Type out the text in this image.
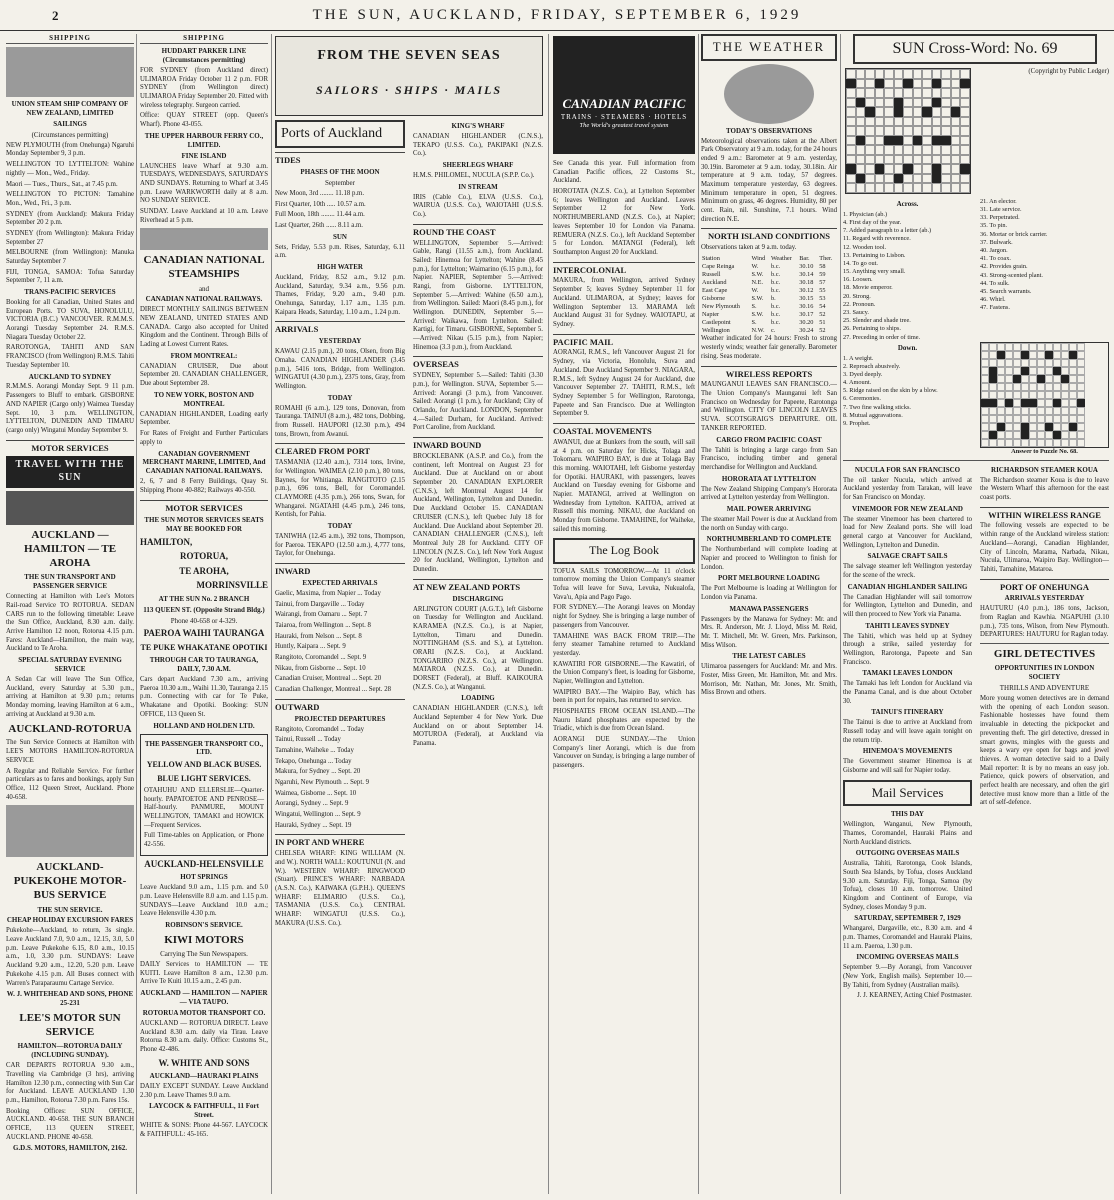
2	THE SUN, AUCKLAND, FRIDAY, SEPTEMBER 6, 1929
SHIPPING
UNION STEAM SHIP COMPANY OF NEW ZEALAND, LIMITED
SAILINGS
(Circumstances permitting)
NEW PLYMOUTH (from Onehunga) Ngaruhi Monday September 9, 3 p.m.
WELLINGTON TO LYTTELTON: Wahine nightly — Mon., Wed., Friday.
Maori — Tues., Thurs., Sat., at 7.45 p.m.
WELLINGTON TO PICTON: Tamahine Mon., Wed., Fri., 3 p.m.
SYDNEY (from Auckland): Makura Friday September 20 2 p.m.
SYDNEY (from Wellington): Makura Friday September 27
MELBOURNE (from Wellington): Manuka Saturday September 7
FIJI, TONGA, SAMOA: Tofua Saturday September 7, 11 a.m.
TRANS-PACIFIC SERVICES
Booking for all Canadian, United States and European Ports. TO SUVA, HONOLULU, VICTORIA (B.C.) VANCOUVER. R.M.M.S. Aorangi Tuesday September 24. R.M.S. Niagara Tuesday October 22.
RAROTONGA, TAHITI AND SAN FRANCISCO (from Wellington) R.M.S. Tahiti Tuesday September 10.
AUCKLAND TO SYDNEY
R.M.M.S. Aorangi Monday Sept. 9 11 p.m. Passengers to Bluff to embark. GISBORNE AND NAPIER (Cargo only) Waimea Tuesday Sept. 10, 3 p.m. WELLINGTON, LYTTELTON, DUNEDIN AND TIMARU (cargo only) Wingatui Monday September 9.
MOTOR SERVICES
TRAVEL WITH THE SUN
AUCKLAND — HAMILTON — TE AROHA
THE SUN TRANSPORT AND PASSENGER SERVICE
Connecting at Hamilton with Lee's Motors Rail-road Service TO ROTORUA. SEDAN CARS run to the following timetable: Leave the Sun Office, Auckland, 8.30 a.m. daily. Arrive Hamilton 12 noon, Rotorua 4.15 p.m. Fares: Auckland—Hamilton, the main way, Auckland to Te Aroha.
SPECIAL SATURDAY EVENING SERVICE
A Sedan Car will leave The Sun Office, Auckland, every Saturday at 5.30 p.m., arriving at Hamilton at 9.30 p.m.; returns Monday morning, leaving Hamilton at 6 a.m., arriving at Auckland at 9.30 a.m.
AUCKLAND-ROTORUA
The Sun Service Connects at Hamilton with LEE'S MOTORS HAMILTON-ROTORUA SERVICE
A Regular and Reliable Service. For further particulars as to fares and bookings, apply Sun Office, 112 Queen Street, Auckland. Phone 40-658.
AUCKLAND-PUKEKOHE MOTOR-BUS SERVICE
THE SUN SERVICE.
CHEAP HOLIDAY EXCURSION FARES
Pukekohe—Auckland, to return, 3s single. Leave Auckland 7.0, 9.0 a.m., 12.15, 3.0, 5.0 p.m. Leave Pukekohe 6.15, 8.0 a.m., 10.15 a.m., 1.0, 3.30 p.m. SUNDAYS: Leave Auckland 9.20 a.m., 12.20, 5.20 p.m. Leave Pukekohe 4.15 p.m. All Buses connect with Warren's Paraparaumu Cartage Service.
W. J. WHITEHEAD AND SONS, PHONE 25-231
LEE'S MOTOR SUN SERVICE
HAMILTON—ROTORUA DAILY (INCLUDING SUNDAY).
CAR DEPARTS ROTORUA 9.30 a.m., Travelling via Cambridge (3 hrs), arriving Hamilton 12.30 p.m., connecting with Sun Car for Auckland. LEAVE AUCKLAND 1.30 p.m., Hamilton, Rotorua 7.30 p.m. Fares 15s.
Booking Offices: SUN OFFICE, AUCKLAND. 40-658. THE SUN BRANCH OFFICE, 113 QUEEN STREET, AUCKLAND. PHONE 40-658.
G.D.S. MOTORS, HAMILTON, 2162.
SHIPPING
HUDDART PARKER LINE (Circumstances permitting)
FOR SYDNEY (from Auckland direct) ULIMAROA Friday October 11 2 p.m. FOR SYDNEY (from Wellington direct) ULIMAROA Friday September 20. Fitted with wireless telegraphy. Surgeon carried.
Office: QUAY STREET (opp. Queen's Wharf). Phone 43-055.
THE UPPER HARBOUR FERRY CO., LIMITED.
FINE ISLAND
LAUNCHES leave Wharf at 9.30 a.m. TUESDAYS, WEDNESDAYS, SATURDAYS AND SUNDAYS. Returning to Wharf at 3.45 p.m. Leave WARKWORTH daily at 8 a.m. NO SUNDAY SERVICE.
SUNDAY. Leave Auckland at 10 a.m. Leave Riverhead at 5 p.m.
CANADIAN NATIONAL STEAMSHIPS
and
CANADIAN NATIONAL RAILWAYS.
DIRECT MONTHLY SAILINGS BETWEEN NEW ZEALAND, UNITED STATES AND CANADA. Cargo also accepted for United Kingdom and the Continent. Through Bills of Lading at Lowest Current Rates.
FROM MONTREAL:
CANADIAN CRUISER, Due about September 20. CANADIAN CHALLENGER, Due about September 28.
TO NEW YORK, BOSTON AND MONTREAL
CANADIAN HIGHLANDER, Loading early September.
For Rates of Freight and Further Particulars apply to
CANADIAN GOVERNMENT MERCHANT MARINE, LIMITED, And CANADIAN NATIONAL RAILWAYS.
2, 6, 7 and 8 Ferry Buildings, Quay St. Shipping Phone 40-882; Railways 40-550.
MOTOR SERVICES
THE SUN MOTOR SERVICES SEATS MAY BE BOOKED FOR
HAMILTON,
ROTORUA,
TE AROHA,
MORRINSVILLE
AT THE SUN No. 2 BRANCH
113 QUEEN ST. (Opposite Strand Bldg.)
Phone 40-658 or 4-329.
PAEROA WAIHI TAURANGA
TE PUKE WHAKATANE OPOTIKI
THROUGH CAR TO TAURANGA, DAILY, 7.30 A.M.
Cars depart Auckland 7.30 a.m., arriving Paeroa 10.30 a.m., Waihi 11.30, Tauranga 2.15 p.m. Connecting with car for Te Puke, Whakatane and Opotiki. Booking: SUN OFFICE, 113 Queen St.
HOLLAND AND HOLDEN LTD.
THE PASSENGER TRANSPORT CO., LTD.
YELLOW AND BLACK BUSES.
BLUE LIGHT SERVICES.
OTAHUHU AND ELLERSLIE—Quarter-hourly. PAPATOETOE AND PENROSE—Half-hourly. PANMURE, MOUNT WELLINGTON, TAMAKI and HOWICK—Frequent Services.
Full Time-tables on Application, or Phone 42-556.
AUCKLAND-HELENSVILLE
HOT SPRINGS
Leave Auckland 9.0 a.m., 1.15 p.m. and 5.0 p.m. Leave Helensville 8.0 a.m. and 1.15 p.m. SUNDAYS—Leave Auckland 10.0 a.m.; Leave Helensville 4.30 p.m.
ROBINSON'S SERVICE.
KIWI MOTORS
Carrying The Sun Newspapers.
DAILY Services to HAMILTON — TE KUITI. Leave Hamilton 8 a.m., 12.30 p.m. Arrive Te Kuiti 10.15 a.m., 2.45 p.m.
AUCKLAND — HAMILTON — NAPIER — VIA TAUPO.
ROTORUA MOTOR TRANSPORT CO.
AUCKLAND — ROTORUA DIRECT. Leave Auckland 8.30 a.m. daily via Tirau. Leave Rotorua 8.30 a.m. daily. Office: Customs St., Phone 42-486.
W. WHITE AND SONS
AUCKLAND—HAURAKI PLAINS
DAILY EXCEPT SUNDAY. Leave Auckland 2.30 p.m. Leave Thames 9.0 a.m.
LAYCOCK & FAITHFULL, 11 Fort Street.
WHITE & SONS: Phone 44-567. LAYCOCK & FAITHFULL: 45-165.
FROM THE SEVEN SEAS
SAILORS · SHIPS · MAILS
Ports of Auckland
TIDES
PHASES OF THE MOON
September
New Moon, 3rd ........ 11.18 p.m.
First Quarter, 10th ..... 10.57 a.m.
Full Moon, 18th ........ 11.44 a.m.
Last Quarter, 26th ...... 8.11 a.m.
SUN
Sets, Friday, 5.53 p.m. Rises, Saturday, 6.11 a.m.
HIGH WATER
Auckland, Friday, 8.52 a.m., 9.12 p.m. Auckland, Saturday, 9.34 a.m., 9.56 p.m. Thames, Friday, 9.20 a.m., 9.40 p.m. Onehunga, Saturday, 1.17 a.m., 1.35 p.m. Kaipara Heads, Saturday, 1.10 a.m., 1.24 p.m.
ARRIVALS
YESTERDAY
KAWAU (2.15 p.m.), 20 tons, Olsen, from Big Omaha. CANADIAN HIGHLANDER (3.45 p.m.), 5416 tons, Bridge, from Wellington. WINGATUI (4.30 p.m.), 2375 tons, Gray, from Wellington.
TODAY
ROMAHI (6 a.m.), 129 tons, Donovan, from Tauranga. TAINUI (8 a.m.), 482 tons, Dobbing, from Russell. HAUPORI (12.30 p.m.), 494 tons, Brown, from Awanui.
CLEARED FROM PORT
TASMANIA (12.40 a.m.), 7314 tons, Irvine, for Wellington. WAIMEA (2.10 p.m.), 80 tons, Baynes, for Whitianga. RANGITOTO (2.15 p.m.), 696 tons, Bell, for Coromandel. CLAYMORE (4.35 p.m.), 266 tons, Swan, for Whangarei. NGATAHI (4.45 p.m.), 246 tons, Kentish, for Pahia.
TODAY
TANIWHA (12.45 a.m.), 392 tons, Thompson, for Paeroa. TEKAPO (12.50 a.m.), 4,777 tons, Taylor, for Onehunga.
INWARD
EXPECTED ARRIVALS
Gaelic, Maxima, from Napier ... Today
Tainui, from Dargaville ... Today
Wairangi, from Oamaru ... Sept. 7
Taiaroa, from Wellington ... Sept. 8
Hauraki, from Nelson ... Sept. 8
Huntly, Kaipara ... Sept. 9
Rangitoto, Coromandel ... Sept. 9
Nikau, from Gisborne ... Sept. 10
Canadian Cruiser, Montreal ... Sept. 20
Canadian Challenger, Montreal ... Sept. 28
OUTWARD
PROJECTED DEPARTURES
Rangitoto, Coromandel ... Today
Tainui, Russell ... Today
Tamahine, Waiheke ... Today
Tekapo, Onehunga ... Today
Makura, for Sydney ... Sept. 20
Ngaruhi, New Plymouth ... Sept. 9
Waimea, Gisborne ... Sept. 10
Aorangi, Sydney ... Sept. 9
Wingatui, Wellington ... Sept. 9
Hauraki, Sydney ... Sept. 19
IN PORT AND WHERE
CHELSEA WHARF: KING WILLIAM (N. and W.). NORTH WALL: KOUTUNUI (N. and W.). WESTERN WHARF: RINGWOOD (Stuart). PRINCE'S WHARF: NARBADA (A.S.N. Co.), KAIWAKA (G.P.H.). QUEEN'S WHARF: ELIMARIO (U.S.S. Co.), TASMANIA (U.S.S. Co.). CENTRAL WHARF: WINGATUI (U.S.S. Co.), MAKURA (U.S.S. Co.).
KING'S WHARF
CANADIAN HIGHLANDER (C.N.S.), TEKAPO (U.S.S. Co.), PAKIPAKI (N.Z.S. Co.).
SHEERLEGS WHARF
H.M.S. PHILOMEL, NUCULA (S.P.P. Co.).
IN STREAM
IRIS (Cable Co.), ELVA (U.S.S. Co.), WAIRUA (U.S.S. Co.), WAIOTAHI (U.S.S. Co.).
ROUND THE COAST
WELLINGTON, September 5.—Arrived: Gable, Rangi (11.55 a.m.), from Auckland. Sailed: Hinemoa for Lyttelton; Wahine (8.45 p.m.), for Lyttelton; Waimarino (6.15 p.m.), for Napier. NAPIER, September 5.—Arrived: Rangi, from Gisborne. LYTTELTON, September 5.—Arrived: Wahine (6.50 a.m.), from Wellington. Sailed: Maori (8.45 p.m.), for Wellington. DUNEDIN, September 5.—Arrived: Waikawa, from Lyttelton. Sailed: Kartigi, for Timaru. GISBORNE, September 5.—Arrived: Nikau (5.15 p.m.), from Napier; Hinemoa (3.3 p.m.), from Auckland.
OVERSEAS
SYDNEY, September 5.—Sailed: Tahiti (3.30 p.m.), for Wellington. SUVA, September 5.—Arrived: Aorangi (3 p.m.), from Vancouver. Sailed: Aorangi (1 p.m.), for Auckland; City of Orlando, for Auckland. LONDON, September 4.—Sailed: Durham, for Auckland. Arrived: Port Caroline, from Auckland.
INWARD BOUND
BROCKLEBANK (A.S.P. and Co.), from the continent, left Montreal on August 23 for Auckland. Due at Auckland on or about September 20. CANADIAN EXPLORER (C.N.S.), left Montreal August 14 for Auckland, Wellington, Lyttelton and Dunedin. Due Auckland October 15. CANADIAN CRUISER (C.N.S.), left Quebec July 18 for Auckland. Due Auckland about September 20. CANADIAN CHALLENGER (C.N.S.), left Montreal July 28 for Auckland. CITY OF LINCOLN (N.Z.S. Co.), left New York August 20 for Auckland, Wellington, Lyttelton and Dunedin.
AT NEW ZEALAND PORTS
DISCHARGING
ARLINGTON COURT (A.G.T.), left Gisborne on Tuesday for Wellington and Auckland. KARAMEA (N.Z.S. Co.), is at Napier, Lyttelton, Timaru and Dunedin. NOTTINGHAM (S.S. and S.), at Lyttelton. ORARI (N.Z.S. Co.), at Auckland. TONGARIRO (N.Z.S. Co.), at Wellington. MATAROA (N.Z.S. Co.), at Dunedin. DORSET (Federal), at Bluff. KAIKOURA (N.Z.S. Co.), at Wanganui.
LOADING
CANADIAN HIGHLANDER (C.N.S.), left Auckland September 4 for New York. Due Auckland on or about September 14. MOTUROA (Federal), at Auckland via Panama.
CANADIAN PACIFIC
TRAINS · STEAMERS · HOTELS
The World's greatest travel system
See Canada this year. Full information from Canadian Pacific offices, 22 Customs St., Auckland.
HOROTATA (N.Z.S. Co.), at Lyttelton September 6; leaves Wellington and Auckland. Leaves September 12 for New York. NORTHUMBERLAND (N.Z.S. Co.), at Napier; leaves September 10 for London via Panama. REMUERA (N.Z.S. Co.), left Auckland September 5 for London. MATANGI (Federal), left Southampton August 20 for Auckland.
INTERCOLONIAL
MAKURA, from Wellington, arrived Sydney September 5; leaves Sydney September 11 for Auckland. ULIMAROA, at Sydney; leaves for Wellington September 13. MARAMA left Auckland August 31 for Sydney. WAIOTAPU, at Sydney.
PACIFIC MAIL
AORANGI, R.M.S., left Vancouver August 21 for Sydney, via Victoria, Honolulu, Suva and Auckland. Due Auckland September 9. NIAGARA, R.M.S., left Sydney August 24 for Auckland, due Vancouver September 27. TAHITI, R.M.S., left Sydney September 5 for Wellington, Rarotonga, Papeete and San Francisco. Due at Wellington September 9.
COASTAL MOVEMENTS
AWANUI, due at Bunkers from the south, will sail at 4 p.m. on Saturday for Hicks, Tolaga and Tokomaru. WAIPIRO BAY, is due at Tolaga Bay this morning. WAIOTAHI, left Gisborne yesterday for Opotiki. HAURAKI, with passengers, leaves Auckland on Tuesday evening for Gisborne and Napier. MATANGI, arrived at Wellington on Wednesday from Lyttelton. KAITOA, arrived at Russell this morning. NIKAU, due Auckland on Monday from Gisborne. TAMAHINE, for Waiheke, sailed this morning.
The Log Book
TOFUA SAILS TOMORROW.—At 11 o'clock tomorrow morning the Union Company's steamer Tofua will leave for Suva, Levuka, Nukualofa, Vava'u, Apia and Pago Pago.
FOR SYDNEY.—The Aorangi leaves on Monday night for Sydney. She is bringing a large number of passengers from Vancouver.
TAMAHINE WAS BACK FROM TRIP.—The ferry steamer Tamahine returned to Auckland yesterday.
KAWATIRI FOR GISBORNE.—The Kawatiri, of the Union Company's fleet, is loading for Gisborne, Napier, Wellington and Lyttelton.
WAIPIRO BAY.—The Waipiro Bay, which has been in port for repairs, has returned to service.
PHOSPHATES FROM OCEAN ISLAND.—The Nauru Island phosphates are expected by the Triadic, which is due from Ocean Island.
AORANGI DUE SUNDAY.—The Union Company's liner Aorangi, which is due from Vancouver on Sunday, is bringing a large number of passengers.
THE WEATHER
TODAY'S OBSERVATIONS
Meteorological observations taken at the Albert Park Observatory at 9 a.m. today, for the 24 hours ended 9 a.m.: Barometer at 9 a.m. yesterday, 30.19in. Barometer at 9 a.m. today, 30.18in. Air temperature at 9 a.m. today, 57 degrees. Maximum temperature yesterday, 63 degrees. Minimum temperature in open, 51 degrees. Minimum on grass, 46 degrees. Humidity, 80 per cent. Rain, nil. Sunshine, 7.1 hours. Wind direction N.E.
NORTH ISLAND CONDITIONS
Observations taken at 9 a.m. today.
Station	Wind	Weather	Bar.	Ther.
Cape Reinga	W.	b.c.	30.10	58
Russell	S.W.	b.c.	30.14	59
Auckland	N.E.	b.c.	30.18	57
East Cape	W.	b.c.	30.12	55
Gisborne	S.W.	b.	30.15	53
New Plymouth	S.	b.c.	30.16	54
Napier	S.W.	b.c.	30.17	52
Castlepoint	S.	b.c.	30.20	51
Wellington	N.W.	c.	30.24	52
Weather indicated for 24 hours: Fresh to strong westerly winds; weather fair generally. Barometer rising. Seas moderate.
WIRELESS REPORTS
MAUNGANUI LEAVES SAN FRANCISCO.—The Union Company's Maunganui left San Francisco on Wednesday for Papeete, Rarotonga and Wellington. CITY OF LINCOLN LEAVES SUVA. SCOTSGRAIG'S DEPARTURE. OIL TANKER REPORTED.
CARGO FROM PACIFIC COAST
The Tahiti is bringing a large cargo from San Francisco, including timber and general merchandise for Wellington and Auckland.
HORORATA AT LYTTELTON
The New Zealand Shipping Company's Hororata arrived at Lyttelton yesterday from Wellington.
MAIL POWER ARRIVING
The steamer Mail Power is due at Auckland from the north on Sunday with cargo.
NORTHUMBERLAND TO COMPLETE
The Northumberland will complete loading at Napier and proceed to Wellington to finish for London.
PORT MELBOURNE LOADING
The Port Melbourne is loading at Wellington for London via Panama.
MANAWA PASSENGERS
Passengers by the Manawa for Sydney: Mr. and Mrs. R. Anderson, Mr. J. Lloyd, Miss M. Reid, Mr. T. Mitchell, Mr. W. Green, Mrs. Parkinson, Miss Wilson.
THE LATEST CABLES
Ulimaroa passengers for Auckland: Mr. and Mrs. Foster, Miss Green, Mr. Hamilton, Mr. and Mrs. Morrison, Mr. Nathan, Mr. Jones, Mr. Smith, Miss Brown and others.
SUN Cross-Word: No. 69
(Copyright by Public Ledger)
Across.
1. Physician (ab.)
4. First day of the year.
7. Added paragraph to a letter (ab.)
11. Regard with reverence.
12. Wooden tool.
13. Pertaining to Lisbon.
14. To go out.
15. Anything very small.
16. Loosen.
18. Movie emperor.
20. Strong.
22. Pronoun.
23. Saucy.
25. Slender and shade tree.
26. Pertaining to ships.
27. Preceding in order of time.
Down.
1. A weight.
2. Reproach abusively.
3. Dyed deeply.
4. Amount.
5. Ridge raised on the skin by a blow.
6. Ceremonies.
7. Two fine walking sticks.
8. Mutual aggravations.
9. Prophet.
21. An elector.
31. Late service.
33. Perpetrated.
35. To pin.
36. Mortar or brick carrier.
37. Bulwark.
40. Jargon.
41. To coax.
42. Provides grain.
43. Strong-scented plant.
44. To sulk.
45. Search warrants.
46. Whirl.
47. Fastens.
Answer to Puzzle No. 68.
NUCULA FOR SAN FRANCISCO
The oil tanker Nucula, which arrived at Auckland yesterday from Tarakan, will leave for San Francisco on Monday.
VINEMOOR FOR NEW ZEALAND
The steamer Vinemoor has been chartered to load for New Zealand ports. She will load general cargo at Vancouver for Auckland, Wellington, Lyttelton and Dunedin.
SALVAGE CRAFT SAILS
The salvage steamer left Wellington yesterday for the scene of the wreck.
CANADIAN HIGHLANDER SAILING
The Canadian Highlander will sail tomorrow for Wellington, Lyttelton and Dunedin, and will then proceed to New York via Panama.
TAHITI LEAVES SYDNEY
The Tahiti, which was held up at Sydney through a strike, sailed yesterday for Wellington, Rarotonga, Papeete and San Francisco.
TAMAKI LEAVES LONDON
The Tamaki has left London for Auckland via the Panama Canal, and is due about October 30.
TAINUI'S ITINERARY
The Tainui is due to arrive at Auckland from Russell today and will leave again tonight on the return trip.
HINEMOA'S MOVEMENTS
The Government steamer Hinemoa is at Gisborne and will sail for Napier today.
Mail Services
THIS DAY
Wellington, Wanganui, New Plymouth, Thames, Coromandel, Hauraki Plains and North Auckland districts.
OUTGOING OVERSEAS MAILS
Australia, Tahiti, Rarotonga, Cook Islands, South Sea Islands, by Tofua, closes Auckland 9.30 a.m. Saturday. Fiji, Tonga, Samoa (by Tofua), closes 10 a.m. tomorrow. United Kingdom and Continent of Europe, via Sydney, closes Monday 9 p.m.
SATURDAY, SEPTEMBER 7, 1929
Whangarei, Dargaville, etc., 8.30 a.m. and 4 p.m. Thames, Coromandel and Hauraki Plains, 11 a.m. Paeroa, 1.30 p.m.
INCOMING OVERSEAS MAILS
September 9.—By Aorangi, from Vancouver (New York, English mails). September 10.—By Tahiti, from Sydney (Australian mails).
J. J. KEARNEY, Acting Chief Postmaster.
RICHARDSON STEAMER KOUA
The Richardson steamer Koua is due to leave the Western Wharf this afternoon for the east coast ports.
WITHIN WIRELESS RANGE
The following vessels are expected to be within range of the Auckland wireless station: Auckland—Aorangi, Canadian Highlander, City of Lincoln, Marama, Narbada, Nikau, Nucula, Ulimaroa, Waipiro Bay. Wellington—Tahiti, Tamahine, Mataroa.
PORT OF ONEHUNGA
ARRIVALS YESTERDAY
HAUTURU (4.0 p.m.), 186 tons, Jackson, from Raglan and Kawhia. NGAPUHI (3.10 p.m.), 735 tons, Wilson, from New Plymouth. DEPARTURES: HAUTURU for Raglan today.
GIRL DETECTIVES
OPPORTUNITIES IN LONDON SOCIETY
THRILLS AND ADVENTURE
More young women detectives are in demand with the opening of each London season. Fashionable hostesses have found them invaluable in detecting the pickpocket and preventing theft. The girl detective, dressed in smart gowns, mingles with the guests and keeps a wary eye open for bags and jewel thieves. A woman detective said to a Daily Mail reporter: It is by no means an easy job. Patience, quick powers of observation, and perfect health are necessary, and often the girl detective must know more than a little of the art of self-defence.
